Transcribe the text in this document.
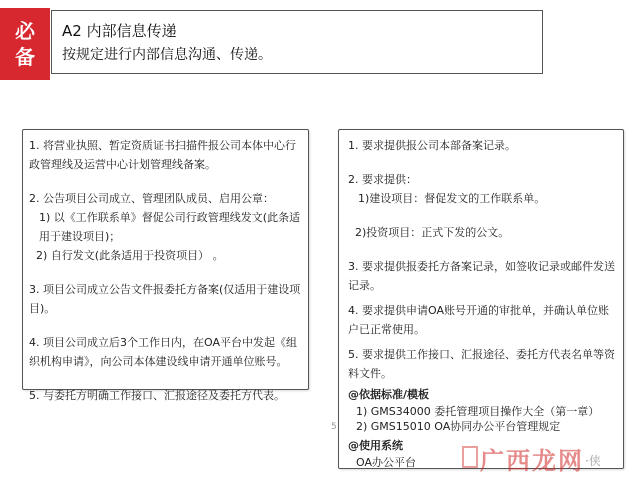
必
备
A2 内部信息传递
按规定进行内部信息沟通、传递。

1. 将营业执照、暂定资质证书扫描件报公司本体中心行政管理线及运营中心计划管理线备案。

2. 公告项目公司成立、管理团队成员、启用公章：

1) 以《工作联系单》督促公司行政管理线发文(此条适用于建设项目)；

2) 自行发文(此条适用于投资项目） 。

3. 项目公司成立公告文件报委托方备案(仅适用于建设项目)。

4. 项目公司成立后3个工作日内，在OA平台中发起《组织机构申请》，向公司本体建设线申请开通单位账号。

5. 与委托方明确工作接口、汇报途径及委托方代表。

1. 要求提供报公司本部备案记录。

2. 要求提供：

1)建设项目：督促发文的工作联系单。

2)投资项目：正式下发的公文。

3. 要求提供报委托方备案记录，如签收记录或邮件发送记录。

4. 要求提供申请OA账号开通的审批单，并确认单位账户已正常使用。

5. 要求提供工作接口、汇报途径、委托方代表名单等资料文件。

@依据标准/模板

1) GMS34000 委托管理项目操作大全（第一章）

2) GMS15010 OA协同办公平台管理规定

@使用系统

OA办公平台

5
广西龙网 ·侠
